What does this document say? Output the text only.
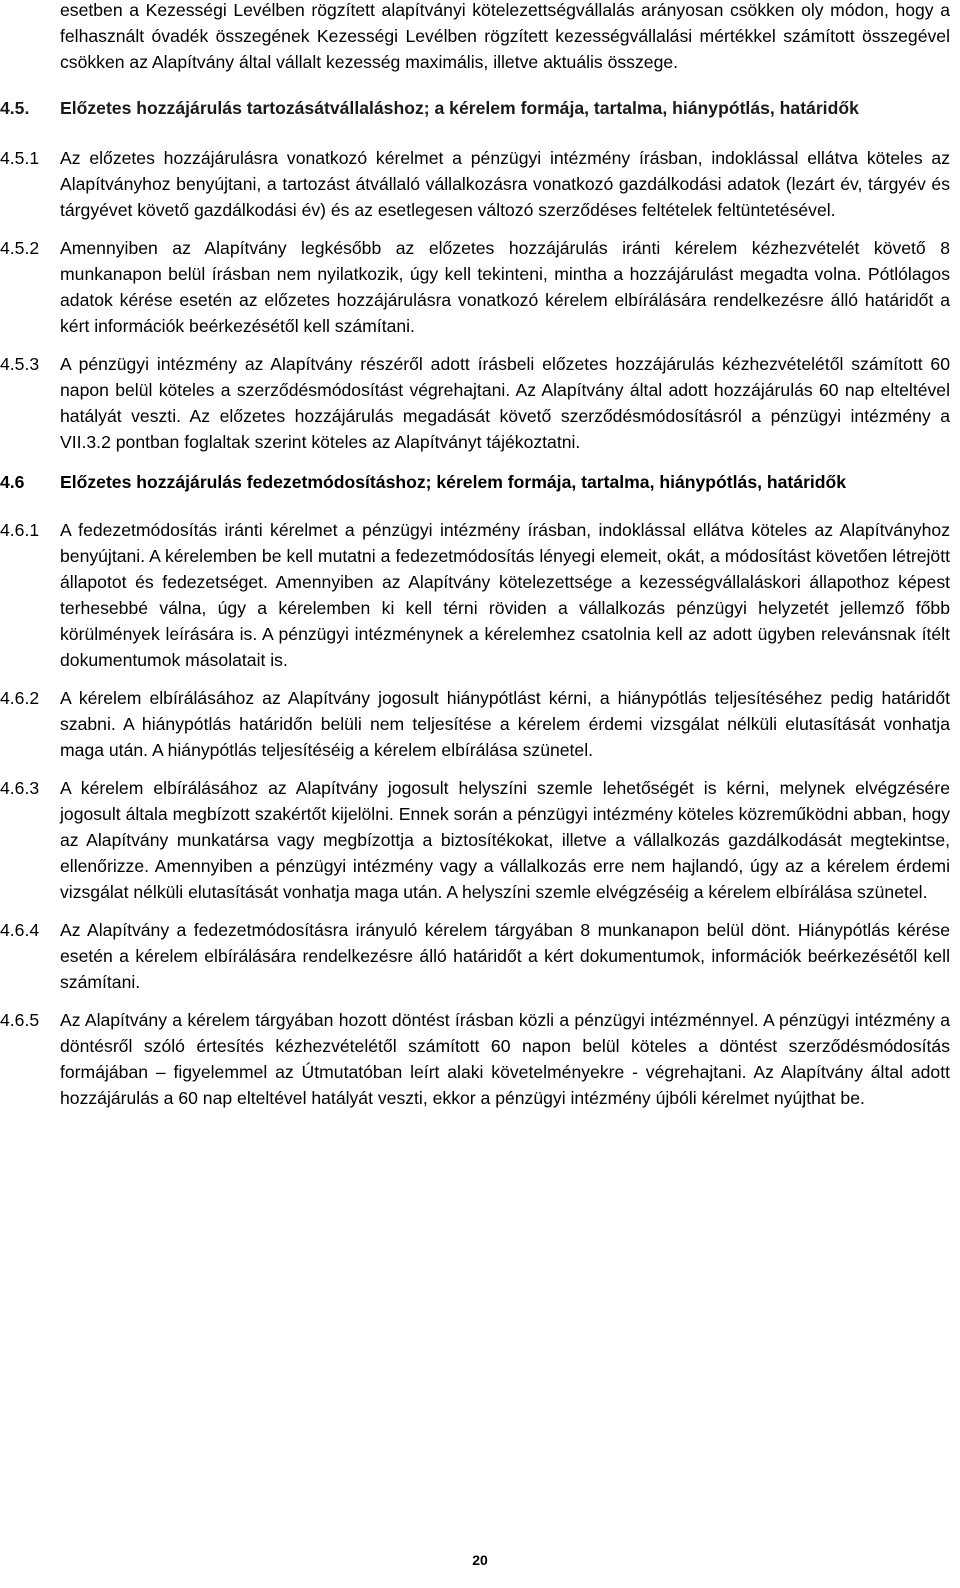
esetben a Kezességi Levélben rögzített alapítványi kötelezettségvállalás arányosan csökken oly módon, hogy a felhasznált óvadék összegének Kezességi Levélben rögzített kezességvállalási mértékkel számított összegével csökken az Alapítvány által vállalt kezesség maximális, illetve aktuális összege.
4.5.	Előzetes hozzájárulás tartozásátvállaláshoz; a kérelem formája, tartalma, hiánypótlás, határidők
4.5.1	Az előzetes hozzájárulásra vonatkozó kérelmet a pénzügyi intézmény írásban, indoklással ellátva köteles az Alapítványhoz benyújtani, a tartozást átvállaló vállalkozásra vonatkozó gazdálkodási adatok (lezárt év, tárgyév és tárgyévet követő gazdálkodási év) és az esetlegesen változó szerződéses feltételek feltüntetésével.
4.5.2	Amennyiben az Alapítvány legkésőbb az előzetes hozzájárulás iránti kérelem kézhezvételét követő 8 munkanapon belül írásban nem nyilatkozik, úgy kell tekinteni, mintha a hozzájárulást megadta volna. Pótlólagos adatok kérése esetén az előzetes hozzájárulásra vonatkozó kérelem elbírálására rendelkezésre álló határidőt a kért információk beérkezésétől kell számítani.
4.5.3	A pénzügyi intézmény az Alapítvány részéről adott írásbeli előzetes hozzájárulás kézhezvételétől számított 60 napon belül köteles a szerződésmódosítást végrehajtani. Az Alapítvány által adott hozzájárulás 60 nap elteltével hatályát veszti. Az előzetes hozzájárulás megadását követő szerződésmódosításról a pénzügyi intézmény a VII.3.2 pontban foglaltak szerint köteles az Alapítványt tájékoztatni.
4.6	Előzetes hozzájárulás fedezetmódosításhoz; kérelem formája, tartalma, hiánypótlás, határidők
4.6.1	A fedezetmódosítás iránti kérelmet a pénzügyi intézmény írásban, indoklással ellátva köteles az Alapítványhoz benyújtani. A kérelemben be kell mutatni a fedezetmódosítás lényegi elemeit, okát, a módosítást követően létrejött állapotot és fedezetséget. Amennyiben az Alapítvány kötelezettsége a kezességvállaláskori állapothoz képest terhesebbé válna, úgy a kérelemben ki kell térni röviden a vállalkozás pénzügyi helyzetét jellemző főbb körülmények leírására is. A pénzügyi intézménynek a kérelemhez csatolnia kell az adott ügyben relevánsnak ítélt dokumentumok másolatait is.
4.6.2	A kérelem elbírálásához az Alapítvány jogosult hiánypótlást kérni, a hiánypótlás teljesítéséhez pedig határidőt szabni. A hiánypótlás határidőn belüli nem teljesítése a kérelem érdemi vizsgálat nélküli elutasítását vonhatja maga után. A hiánypótlás teljesítéséig a kérelem elbírálása szünetel.
4.6.3	A kérelem elbírálásához az Alapítvány jogosult helyszíni szemle lehetőségét is kérni, melynek elvégzésére jogosult általa megbízott szakértőt kijelölni. Ennek során a pénzügyi intézmény köteles közreműködni abban, hogy az Alapítvány munkatársa vagy megbízottja a biztosítékokat, illetve a vállalkozás gazdálkodását megtekintse, ellenőrizze. Amennyiben a pénzügyi intézmény vagy a vállalkozás erre nem hajlandó, úgy az a kérelem érdemi vizsgálat nélküli elutasítását vonhatja maga után. A helyszíni szemle elvégzéséig a kérelem elbírálása szünetel.
4.6.4	Az Alapítvány a fedezetmódosításra irányuló kérelem tárgyában 8 munkanapon belül dönt. Hiánypótlás kérése esetén a kérelem elbírálására rendelkezésre álló határidőt a kért dokumentumok, információk beérkezésétől kell számítani.
4.6.5	Az Alapítvány a kérelem tárgyában hozott döntést írásban közli a pénzügyi intézménnyel. A pénzügyi intézmény a döntésről szóló értesítés kézhezvételétől számított 60 napon belül köteles a döntést szerződésmódosítás formájában – figyelemmel az Útmutatóban leírt alaki követelményekre - végrehajtani. Az Alapítvány által adott hozzájárulás a 60 nap elteltével hatályát veszti, ekkor a pénzügyi intézmény újbóli kérelmet nyújthat be.
20
